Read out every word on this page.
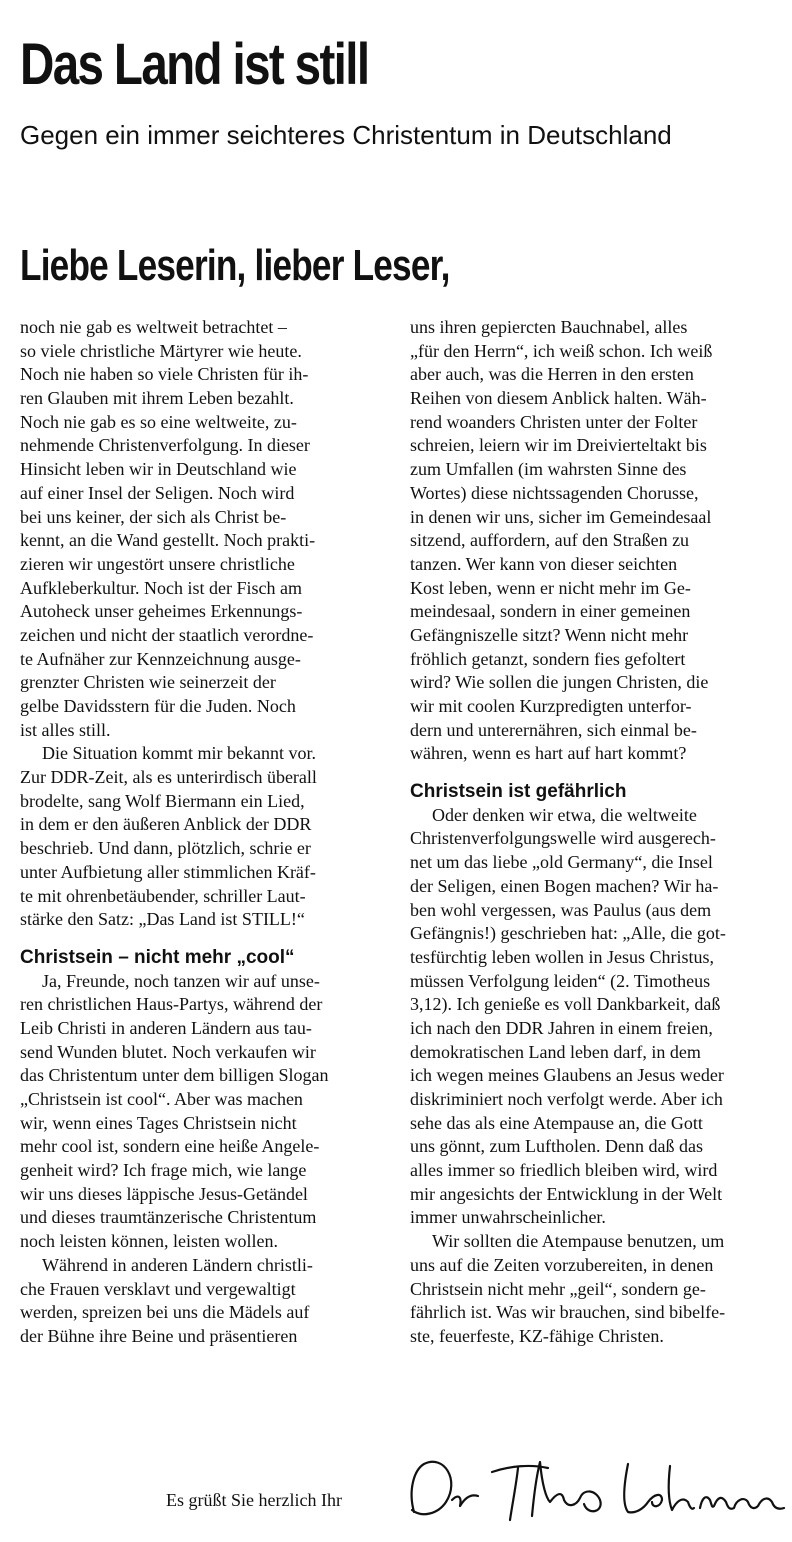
Das Land ist still
Gegen ein immer seichteres Christentum in Deutschland
Liebe Leserin, lieber Leser,
noch nie gab es weltweit betrachtet –
so viele christliche Märtyrer wie heute.
Noch nie haben so viele Christen für ih-
ren Glauben mit ihrem Leben bezahlt.
Noch nie gab es so eine weltweite, zu-
nehmende Christenverfolgung. In dieser
Hinsicht leben wir in Deutschland wie
auf einer Insel der Seligen. Noch wird
bei uns keiner, der sich als Christ be-
kennt, an die Wand gestellt. Noch prakti-
zieren wir ungestört unsere christliche
Aufkleberkultur. Noch ist der Fisch am
Autoheck unser geheimes Erkennungs-
zeichen und nicht der staatlich verordne-
te Aufnäher zur Kennzeichnung ausge-
grenzter Christen wie seinerzeit der
gelbe Davidsstern für die Juden. Noch
ist alles still.
Die Situation kommt mir bekannt vor.
Zur DDR-Zeit, als es unterirdisch überall
brodelte, sang Wolf Biermann ein Lied,
in dem er den äußeren Anblick der DDR
beschrieb. Und dann, plötzlich, schrie er
unter Aufbietung aller stimmlichen Kräf-
te mit ohrenbetäubender, schriller Laut-
stärke den Satz: „Das Land ist STILL!“
Christsein – nicht mehr „cool“
Ja, Freunde, noch tanzen wir auf unse-
ren christlichen Haus-Partys, während der
Leib Christi in anderen Ländern aus tau-
send Wunden blutet. Noch verkaufen wir
das Christentum unter dem billigen Slogan
„Christsein ist cool“. Aber was machen
wir, wenn eines Tages Christsein nicht
mehr cool ist, sondern eine heiße Angele-
genheit wird? Ich frage mich, wie lange
wir uns dieses läppische Jesus-Getändel
und dieses traumtänzerische Christentum
noch leisten können, leisten wollen.
Während in anderen Ländern christli-
che Frauen versklavt und vergewaltigt
werden, spreizen bei uns die Mädels auf
der Bühne ihre Beine und präsentieren
uns ihren gepiercten Bauchnabel, alles
„für den Herrn“, ich weiß schon. Ich weiß
aber auch, was die Herren in den ersten
Reihen von diesem Anblick halten. Wäh-
rend woanders Christen unter der Folter
schreien, leiern wir im Dreivierteltakt bis
zum Umfallen (im wahrsten Sinne des
Wortes) diese nichtssagenden Chorusse,
in denen wir uns, sicher im Gemeindesaal
sitzend, auffordern, auf den Straßen zu
tanzen. Wer kann von dieser seichten
Kost leben, wenn er nicht mehr im Ge-
meindesaal, sondern in einer gemeinen
Gefängniszelle sitzt? Wenn nicht mehr
fröhlich getanzt, sondern fies gefoltert
wird? Wie sollen die jungen Christen, die
wir mit coolen Kurzpredigten unterfor-
dern und unterernähren, sich einmal be-
währen, wenn es hart auf hart kommt?
Christsein ist gefährlich
Oder denken wir etwa, die weltweite
Christenverfolgungswelle wird ausgerech-
net um das liebe „old Germany“, die Insel
der Seligen, einen Bogen machen? Wir ha-
ben wohl vergessen, was Paulus (aus dem
Gefängnis!) geschrieben hat: „Alle, die got-
tesfürchtig leben wollen in Jesus Christus,
müssen Verfolgung leiden“ (2. Timotheus
3,12). Ich genieße es voll Dankbarkeit, daß
ich nach den DDR Jahren in einem freien,
demokratischen Land leben darf, in dem
ich wegen meines Glaubens an Jesus weder
diskriminiert noch verfolgt werde. Aber ich
sehe das als eine Atempause an, die Gott
uns gönnt, zum Luftholen. Denn daß das
alles immer so friedlich bleiben wird, wird
mir angesichts der Entwicklung in der Welt
immer unwahrscheinlicher.
Wir sollten die Atempause benutzen, um
uns auf die Zeiten vorzubereiten, in denen
Christsein nicht mehr „geil“, sondern ge-
fährlich ist. Was wir brauchen, sind bibelfe-
ste, feuerfeste, KZ-fähige Christen.
Es grüßt Sie herzlich Ihr
